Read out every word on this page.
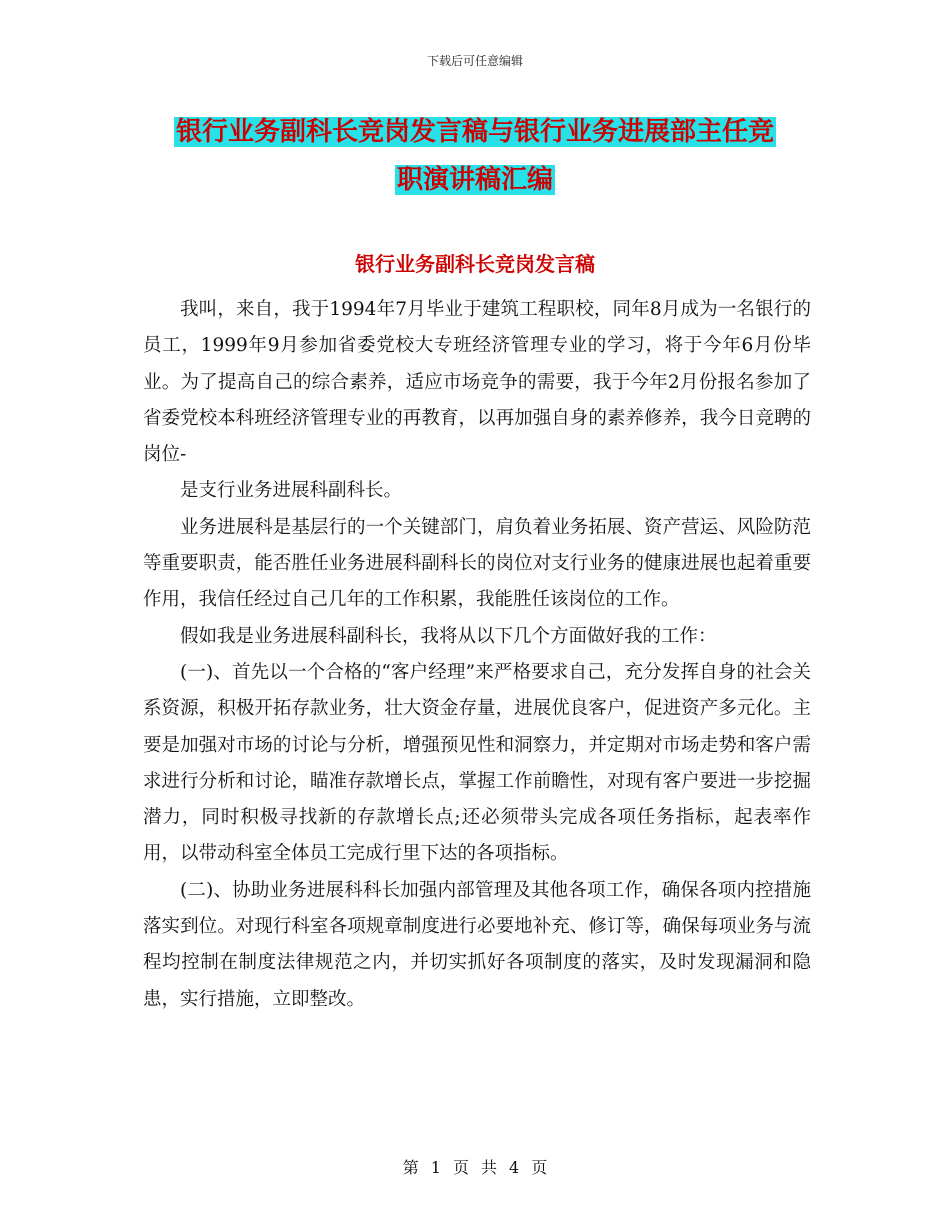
下载后可任意编辑
银行业务副科长竞岗发言稿与银行业务进展部主任竞
职演讲稿汇编
银行业务副科长竞岗发言稿

我叫，来自，我于1994年7月毕业于建筑工程职校，同年8月成为一名银行的员工，1999年9月参加省委党校大专班经济管理专业的学习，将于今年6月份毕业。为了提高自己的综合素养，适应市场竞争的需要，我于今年2月份报名参加了省委党校本科班经济管理专业的再教育，以再加强自身的素养修养，我今日竞聘的岗位-

是支行业务进展科副科长。

业务进展科是基层行的一个关键部门，肩负着业务拓展、资产营运、风险防范等重要职责，能否胜任业务进展科副科长的岗位对支行业务的健康进展也起着重要作用，我信任经过自己几年的工作积累，我能胜任该岗位的工作。

假如我是业务进展科副科长，我将从以下几个方面做好我的工作：

(一)、首先以一个合格的“客户经理”来严格要求自己，充分发挥自身的社会关系资源，积极开拓存款业务，壮大资金存量，进展优良客户，促进资产多元化。主要是加强对市场的讨论与分析，增强预见性和洞察力，并定期对市场走势和客户需求进行分析和讨论，瞄准存款增长点，掌握工作前瞻性，对现有客户要进一步挖掘潜力，同时积极寻找新的存款增长点;还必须带头完成各项任务指标，起表率作用，以带动科室全体员工完成行里下达的各项指标。

(二)、协助业务进展科科长加强内部管理及其他各项工作，确保各项内控措施落实到位。对现行科室各项规章制度进行必要地补充、修订等，确保每项业务与流程均控制在制度法律规范之内，并切实抓好各项制度的落实，及时发现漏洞和隐患，实行措施，立即整改。

第 1 页 共 4 页
